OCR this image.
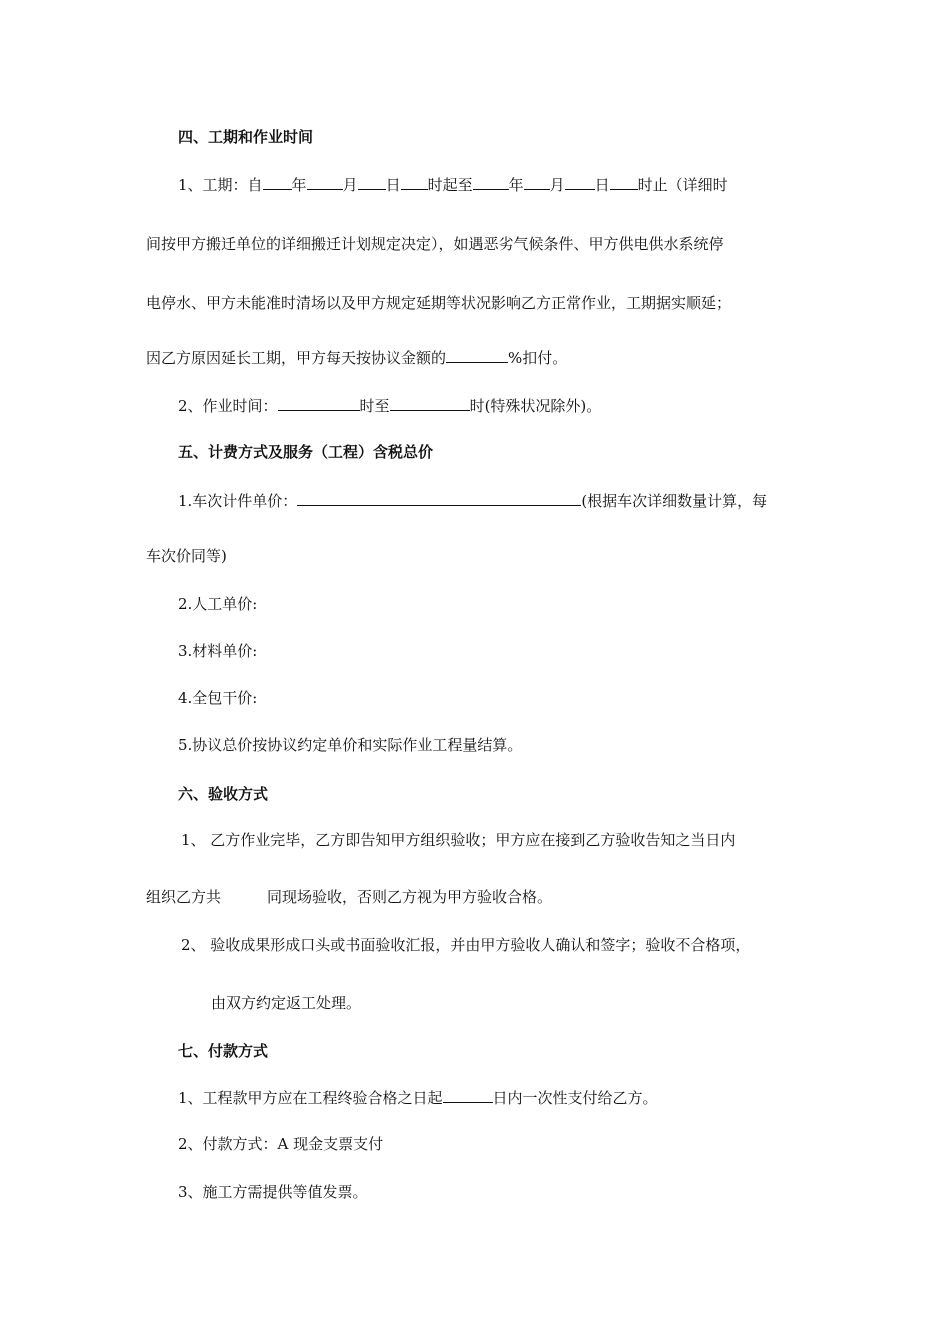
四、工期和作业时间
1、工期：自 年 月 日 时起至 年 月 日 时止（详细时
间按甲方搬迁单位的详细搬迁计划规定决定），如遇恶劣气候条件、甲方供电供水系统停
电停水、甲方未能准时清场以及甲方规定延期等状况影响乙方正常作业，工期据实顺延；
因乙方原因延长工期，甲方每天按协议金额的	%扣付。
2、作业时间：	时至	时(特殊状况除外)。
五、计费方式及服务（工程）含税总价
1.车次计件单价：	(根据车次详细数量计算，每
车次价同等)
2.人工单价:
3.材料单价:
4.全包干价:
5.协议总价按协议约定单价和实际作业工程量结算。
六、验收方式
1、 乙方作业完毕，乙方即告知甲方组织验收；甲方应在接到乙方验收告知之当日内
组织乙方共	同现场验收，否则乙方视为甲方验收合格。
2、 验收成果形成口头或书面验收汇报，并由甲方验收人确认和签字；验收不合格项，
由双方约定返工处理。
七、付款方式
1、工程款甲方应在工程终验合格之日起	日内一次性支付给乙方。
2、付款方式：A 现金支票支付
3、施工方需提供等值发票。
